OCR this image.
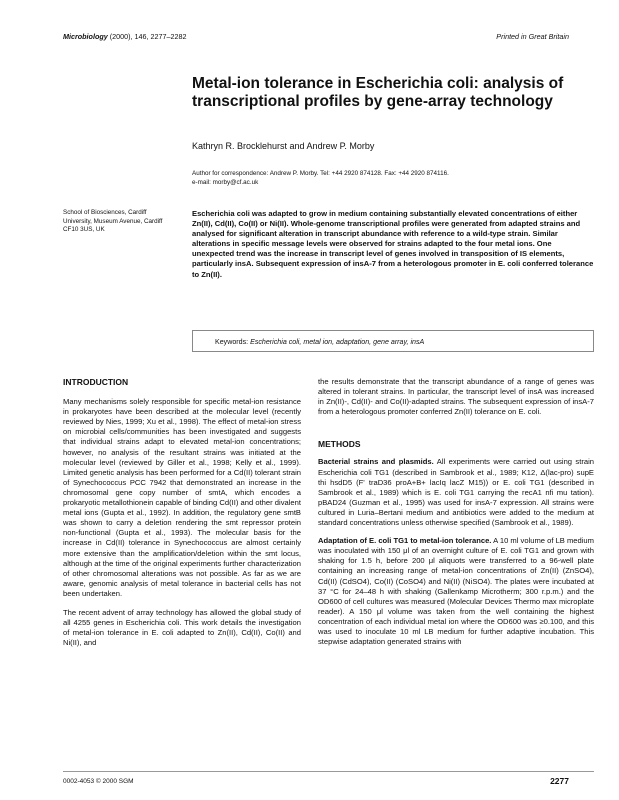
Microbiology (2000), 146, 2277–2282	Printed in Great Britain
Metal-ion tolerance in Escherichia coli: analysis of transcriptional profiles by gene-array technology
Kathryn R. Brocklehurst and Andrew P. Morby
Author for correspondence: Andrew P. Morby. Tel: +44 2920 874128. Fax: +44 2920 874116.
e-mail: morby@cf.ac.uk
School of Biosciences, Cardiff University, Museum Avenue, Cardiff CF10 3US, UK
Escherichia coli was adapted to grow in medium containing substantially elevated concentrations of either Zn(II), Cd(II), Co(II) or Ni(II). Whole-genome transcriptional profiles were generated from adapted strains and analysed for significant alteration in transcript abundance with reference to a wild-type strain. Similar alterations in specific message levels were observed for strains adapted to the four metal ions. One unexpected trend was the increase in transcript level of genes involved in transposition of IS elements, particularly insA. Subsequent expression of insA-7 from a heterologous promoter in E. coli conferred tolerance to Zn(II).
Keywords: Escherichia coli, metal ion, adaptation, gene array, insA
INTRODUCTION
Many mechanisms solely responsible for specific metal-ion resistance in prokaryotes have been described at the molecular level (recently reviewed by Nies, 1999; Xu et al., 1998). The effect of metal-ion stress on microbial cells/communities has been investigated and suggests that individual strains adapt to elevated metal-ion concentrations; however, no analysis of the resultant strains was initiated at the molecular level (reviewed by Giller et al., 1998; Kelly et al., 1999). Limited genetic analysis has been performed for a Cd(II) tolerant strain of Synechococcus PCC 7942 that demonstrated an increase in the chromosomal gene copy number of smtA, which encodes a prokaryotic metallothionein capable of binding Cd(II) and other divalent metal ions (Gupta et al., 1992). In addition, the regulatory gene smtB was shown to carry a deletion rendering the smt repressor protein non-functional (Gupta et al., 1993). The molecular basis for the increase in Cd(II) tolerance in Synechococcus are almost certainly more extensive than the amplification/deletion within the smt locus, although at the time of the original experiments further characterization of other chromosomal alterations was not possible. As far as we are aware, genomic analysis of metal tolerance in bacterial cells has not been undertaken.
The recent advent of array technology has allowed the global study of all 4255 genes in Escherichia coli. This work details the investigation of metal-ion tolerance in E. coli adapted to Zn(II), Cd(II), Co(II) and Ni(II), and
the results demonstrate that the transcript abundance of a range of genes was altered in tolerant strains. In particular, the transcript level of insA was increased in Zn(II)-, Cd(II)- and Co(II)-adapted strains. The subsequent expression of insA-7 from a heterologous promoter conferred Zn(II) tolerance on E. coli.
METHODS
Bacterial strains and plasmids. All experiments were carried out using strain Escherichia coli TG1 (described in Sambrook et al., 1989; K12, Δ(lac-pro) supE thi hsdD5 (F' traD36 proA+B+ lacIq lacZ M15)) or E. coli TG1 (described in Sambrook et al., 1989) which is E. coli TG1 carrying the recA1 nfi mu tation). pBAD24 (Guzman et al., 1995) was used for insA-7 expression. All strains were cultured in Luria–Bertani medium and antibiotics were added to the medium at standard concentrations unless otherwise specified (Sambrook et al., 1989).
Adaptation of E. coli TG1 to metal-ion tolerance. A 10 ml volume of LB medium was inoculated with 150 μl of an overnight culture of E. coli TG1 and grown with shaking for 1.5 h, before 200 μl aliquots were transferred to a 96-well plate containing an increasing range of metal-ion concentrations of Zn(II) (ZnSO4), Cd(II) (CdSO4), Co(II) (CoSO4) and Ni(II) (NiSO4). The plates were incubated at 37 °C for 24–48 h with shaking (Gallenkamp Microtherm; 300 r.p.m.) and the OD600 of cell cultures was measured (Molecular Devices Thermo max microplate reader). A 150 μl volume was taken from the well containing the highest concentration of each individual metal ion where the OD600 was ≥0.100, and this was used to inoculate 10 ml LB medium for further adaptive incubation. This stepwise adaptation generated strains with
0002-4053 © 2000 SGM	2277
